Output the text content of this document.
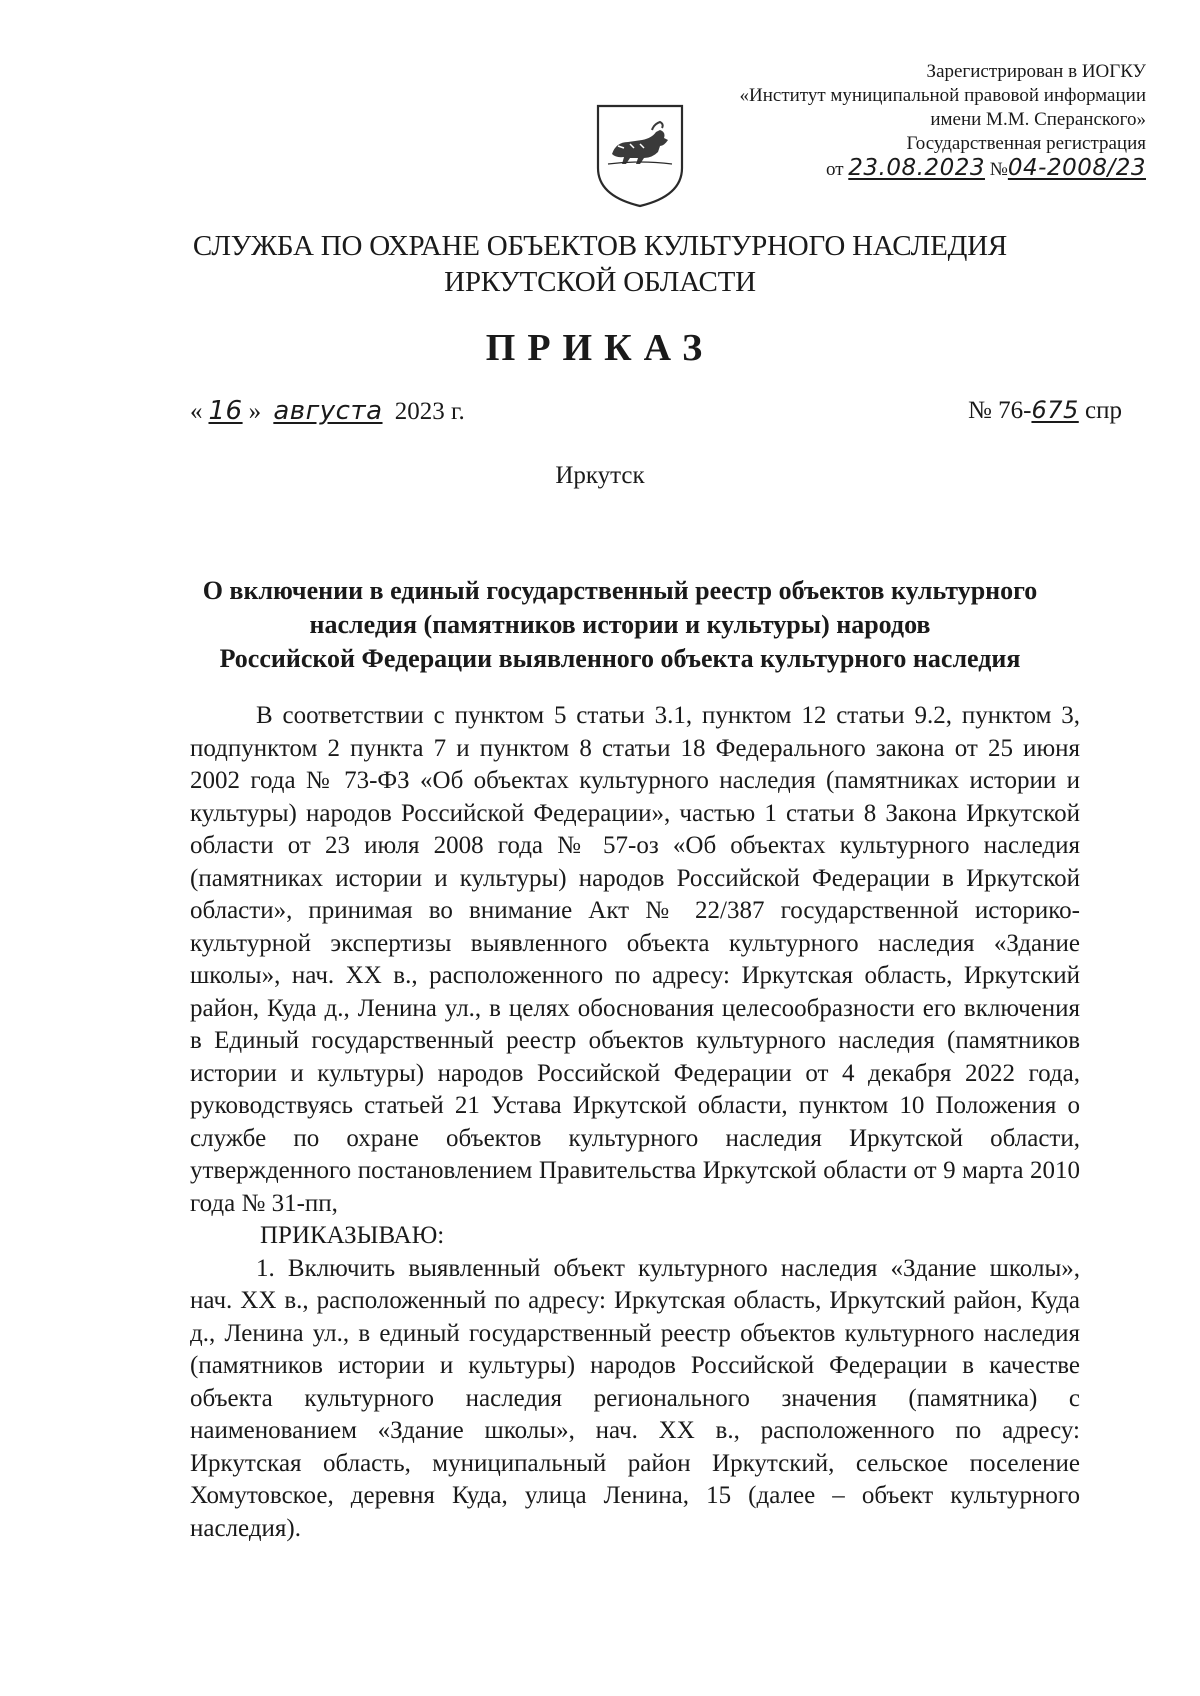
Зарегистрирован в ИОГКУ
«Институт муниципальной правовой информации
имени М.М. Сперанского»
Государственная регистрация
от 23.08.2023 №04-2008/23
СЛУЖБА ПО ОХРАНЕ ОБЪЕКТОВ КУЛЬТУРНОГО НАСЛЕДИЯ
ИРКУТСКОЙ ОБЛАСТИ
ПРИКАЗ
« 16 » августа 2023 г.	№ 76-675 спр
Иркутск
О включении в единый государственный реестр объектов культурного
наследия (памятников истории и культуры) народов
Российской Федерации выявленного объекта культурного наследия

В соответствии с пунктом 5 статьи 3.1, пунктом 12 статьи 9.2, пунктом 3, подпунктом 2 пункта 7 и пунктом 8 статьи 18 Федерального закона от 25 июня 2002 года № 73-ФЗ «Об объектах культурного наследия (памятниках истории и культуры) народов Российской Федерации», частью 1 статьи 8 Закона Иркутской области от 23 июля 2008 года № 57-оз «Об объектах культурного наследия (памятниках истории и культуры) народов Российской Федерации в Иркутской области», принимая во внимание Акт № 22/387 государственной историко-культурной экспертизы выявленного объекта культурного наследия «Здание школы», нач. XX в., расположенного по адресу: Иркутская область, Иркутский район, Куда д., Ленина ул., в целях обоснования целесообразности его включения в Единый государственный реестр объектов культурного наследия (памятников истории и культуры) народов Российской Федерации от 4 декабря 2022 года, руководствуясь статьей 21 Устава Иркутской области, пунктом 10 Положения о службе по охране объектов культурного наследия Иркутской области, утвержденного постановлением Правительства Иркутской области от 9 марта 2010 года № 31-пп,

ПРИКАЗЫВАЮ:

1. Включить выявленный объект культурного наследия «Здание школы», нач. XX в., расположенный по адресу: Иркутская область, Иркутский район, Куда д., Ленина ул., в единый государственный реестр объектов культурного наследия (памятников истории и культуры) народов Российской Федерации в качестве объекта культурного наследия регионального значения (памятника) с наименованием «Здание школы», нач. XX в., расположенного по адресу: Иркутская область, муниципальный район Иркутский, сельское поселение Хомутовское, деревня Куда, улица Ленина, 15 (далее – объект культурного наследия).
